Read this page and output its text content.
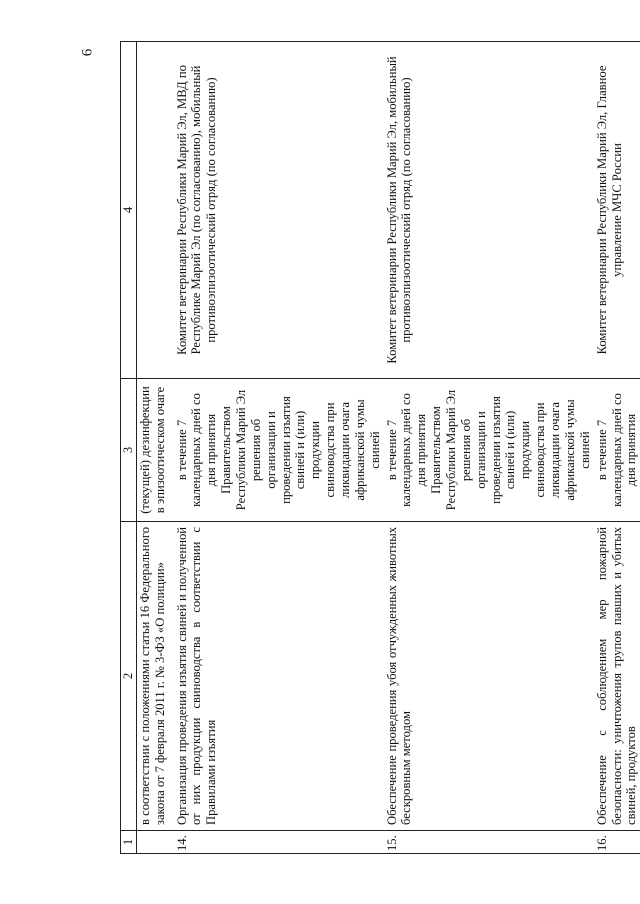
6
1	2	3	4
	в соответствии с положениями статьи 16 Федерального закона от 7 февраля 2011 г. № 3-ФЗ «О полиции»	(текущей) дезинфекции в эпизоотическом очаге	
14.	Организация проведения изъятия свиней и полученной от них продукции свиноводства в соответствии с Правилами изъятия	в течение 7 календарных дней со дня принятия Правительством Республики Марий Эл решения об организации и проведении изъятия свиней и (или) продукции свиноводства при ликвидации очага африканской чумы свиней	Комитет ветеринарии Республики Марий Эл, МВД по Республике Марий Эл (по согласованию), мобильный противоэпизоотический отряд (по согласованию)
15.	Обеспечение проведения убоя отчужденных животных бескровным методом	в течение 7 календарных дней со дня принятия Правительством Республики Марий Эл решения об организации и проведении изъятия свиней и (или) продукции свиноводства при ликвидации очага африканской чумы свиней	Комитет ветеринарии Республики Марий Эл, мобильный противоэпизоотический отряд (по согласованию)
16.	Обеспечение с соблюдением мер пожарной безопасности: уничтожения трупов павших и убитых свиней, продуктов	в течение 7 календарных дней со дня принятия	Комитет ветеринарии Республики Марий Эл, Главное управление МЧС России
